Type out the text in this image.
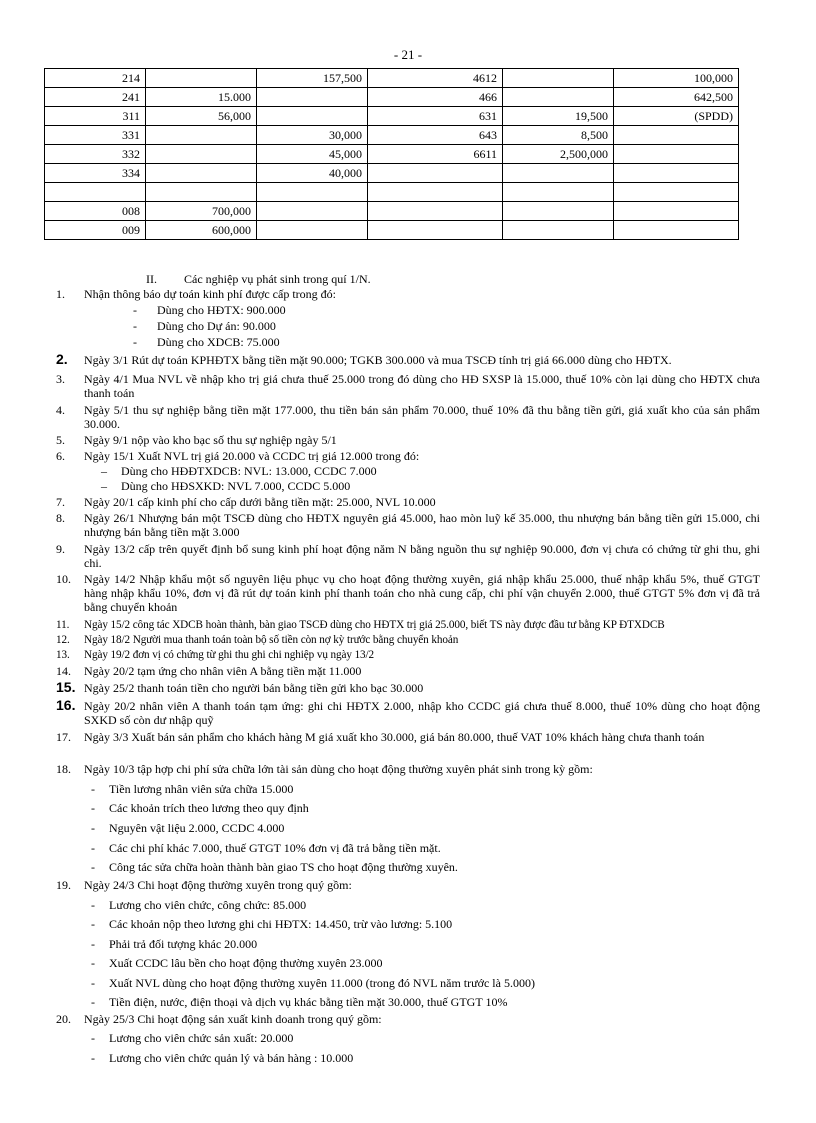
- 21 -
214		157,500	4612		100,000
241	15.000		466		642,500
311	56,000		631	19,500	(SPDD)
331		30,000	643	8,500	
332		45,000	6611	2,500,000	
334		40,000			

008	700,000				
009	600,000				
II. Các nghiệp vụ phát sinh trong quí 1/N.
1. Nhận thông báo dự toán kinh phí được cấp trong đó:
- Dùng cho HĐTX: 900.000
- Dùng cho Dự án: 90.000
- Dùng cho XDCB: 75.000
2. Ngày 3/1 Rút dự toán KPHĐTX bằng tiền mặt 90.000; TGKB 300.000 và mua TSCĐ tính trị giá 66.000 dùng cho HĐTX.
3. Ngày 4/1 Mua NVL về nhập kho trị giá chưa thuế 25.000 trong đó dùng cho HĐ SXSP là 15.000, thuế 10% còn lại dùng cho HĐTX chưa thanh toán
4. Ngày 5/1 thu sự nghiệp bằng tiền mặt 177.000, thu tiền bán sản phẩm 70.000, thuế 10% đã thu bằng tiền gửi, giá xuất kho của sản phẩm 30.000.
5. Ngày 9/1 nộp vào kho bạc số thu sự nghiệp ngày 5/1
6. Ngày 15/1 Xuất NVL trị giá 20.000 và CCDC trị giá 12.000 trong đó:
– Dùng cho HĐĐTXDCB: NVL: 13.000, CCDC 7.000
– Dùng cho HĐSXKD: NVL 7.000, CCDC 5.000
7. Ngày 20/1 cấp kinh phí cho cấp dưới bằng tiền mặt: 25.000, NVL 10.000
8. Ngày 26/1 Nhượng bán một TSCĐ dùng cho HĐTX nguyên giá 45.000, hao mòn luỹ kế 35.000, thu nhượng bán bằng tiền gửi 15.000, chi nhượng bán bằng tiền mặt 3.000
9. Ngày 13/2 cấp trên quyết định bổ sung kinh phí hoạt động năm N bằng nguồn thu sự nghiệp 90.000, đơn vị chưa có chứng từ ghi thu, ghi chi.
10. Ngày 14/2 Nhập khẩu một số nguyên liệu phục vụ cho hoạt động thường xuyên, giá nhập khẩu 25.000, thuế nhập khẩu 5%, thuế GTGT hàng nhập khẩu 10%, đơn vị đã rút dự toán kinh phí thanh toán cho nhà cung cấp, chi phí vận chuyển 2.000, thuế GTGT 5% đơn vị đã trả bằng chuyển khoản
11. Ngày 15/2 công tác XDCB hoàn thành, bàn giao TSCĐ dùng cho HĐTX trị giá 25.000, biết TS này được đầu tư bằng KP ĐTXDCB
12. Ngày 18/2 Người mua thanh toán toàn bộ số tiền còn nợ kỳ trước bằng chuyển khoản
13. Ngày 19/2 đơn vị có chứng từ ghi thu ghi chi nghiệp vụ ngày 13/2
14. Ngày 20/2 tạm ứng cho nhân viên A bằng tiền mặt 11.000
15. Ngày 25/2 thanh toán tiền cho người bán bằng tiền gửi kho bạc 30.000
16. Ngày 20/2 nhân viên A thanh toán tạm ứng: ghi chi HĐTX 2.000, nhập kho CCDC giá chưa thuế 8.000, thuế 10% dùng cho hoạt động SXKD số còn dư nhập quỹ
17. Ngày 3/3 Xuất bán sản phẩm cho khách hàng M giá xuất kho 30.000, giá bán 80.000, thuế VAT 10% khách hàng chưa thanh toán
18. Ngày 10/3 tập hợp chi phí sửa chữa lớn tài sản dùng cho hoạt động thường xuyên phát sinh trong kỳ gồm:
- Tiền lương nhân viên sửa chữa 15.000
- Các khoản trích theo lương theo quy định
- Nguyên vật liệu 2.000, CCDC 4.000
- Các chi phí khác 7.000, thuế GTGT 10% đơn vị đã trả bằng tiền mặt.
- Công tác sửa chữa hoàn thành bàn giao TS cho hoạt động thường xuyên.
19. Ngày 24/3 Chi hoạt động thường xuyên trong quý gồm:
- Lương cho viên chức, công chức: 85.000
- Các khoản nộp theo lương ghi chi HĐTX: 14.450, trừ vào lương: 5.100
- Phải trả đối tượng khác 20.000
- Xuất CCDC lâu bền cho hoạt động thường xuyên 23.000
- Xuất NVL dùng cho hoạt động thường xuyên 11.000 (trong đó NVL năm trước là 5.000)
- Tiền điện, nước, điện thoại và dịch vụ khác bằng tiền mặt 30.000, thuế GTGT 10%
20. Ngày 25/3 Chi hoạt động sản xuất kinh doanh trong quý gồm:
- Lương cho viên chức sản xuất: 20.000
- Lương cho viên chức quản lý và bán hàng : 10.000
